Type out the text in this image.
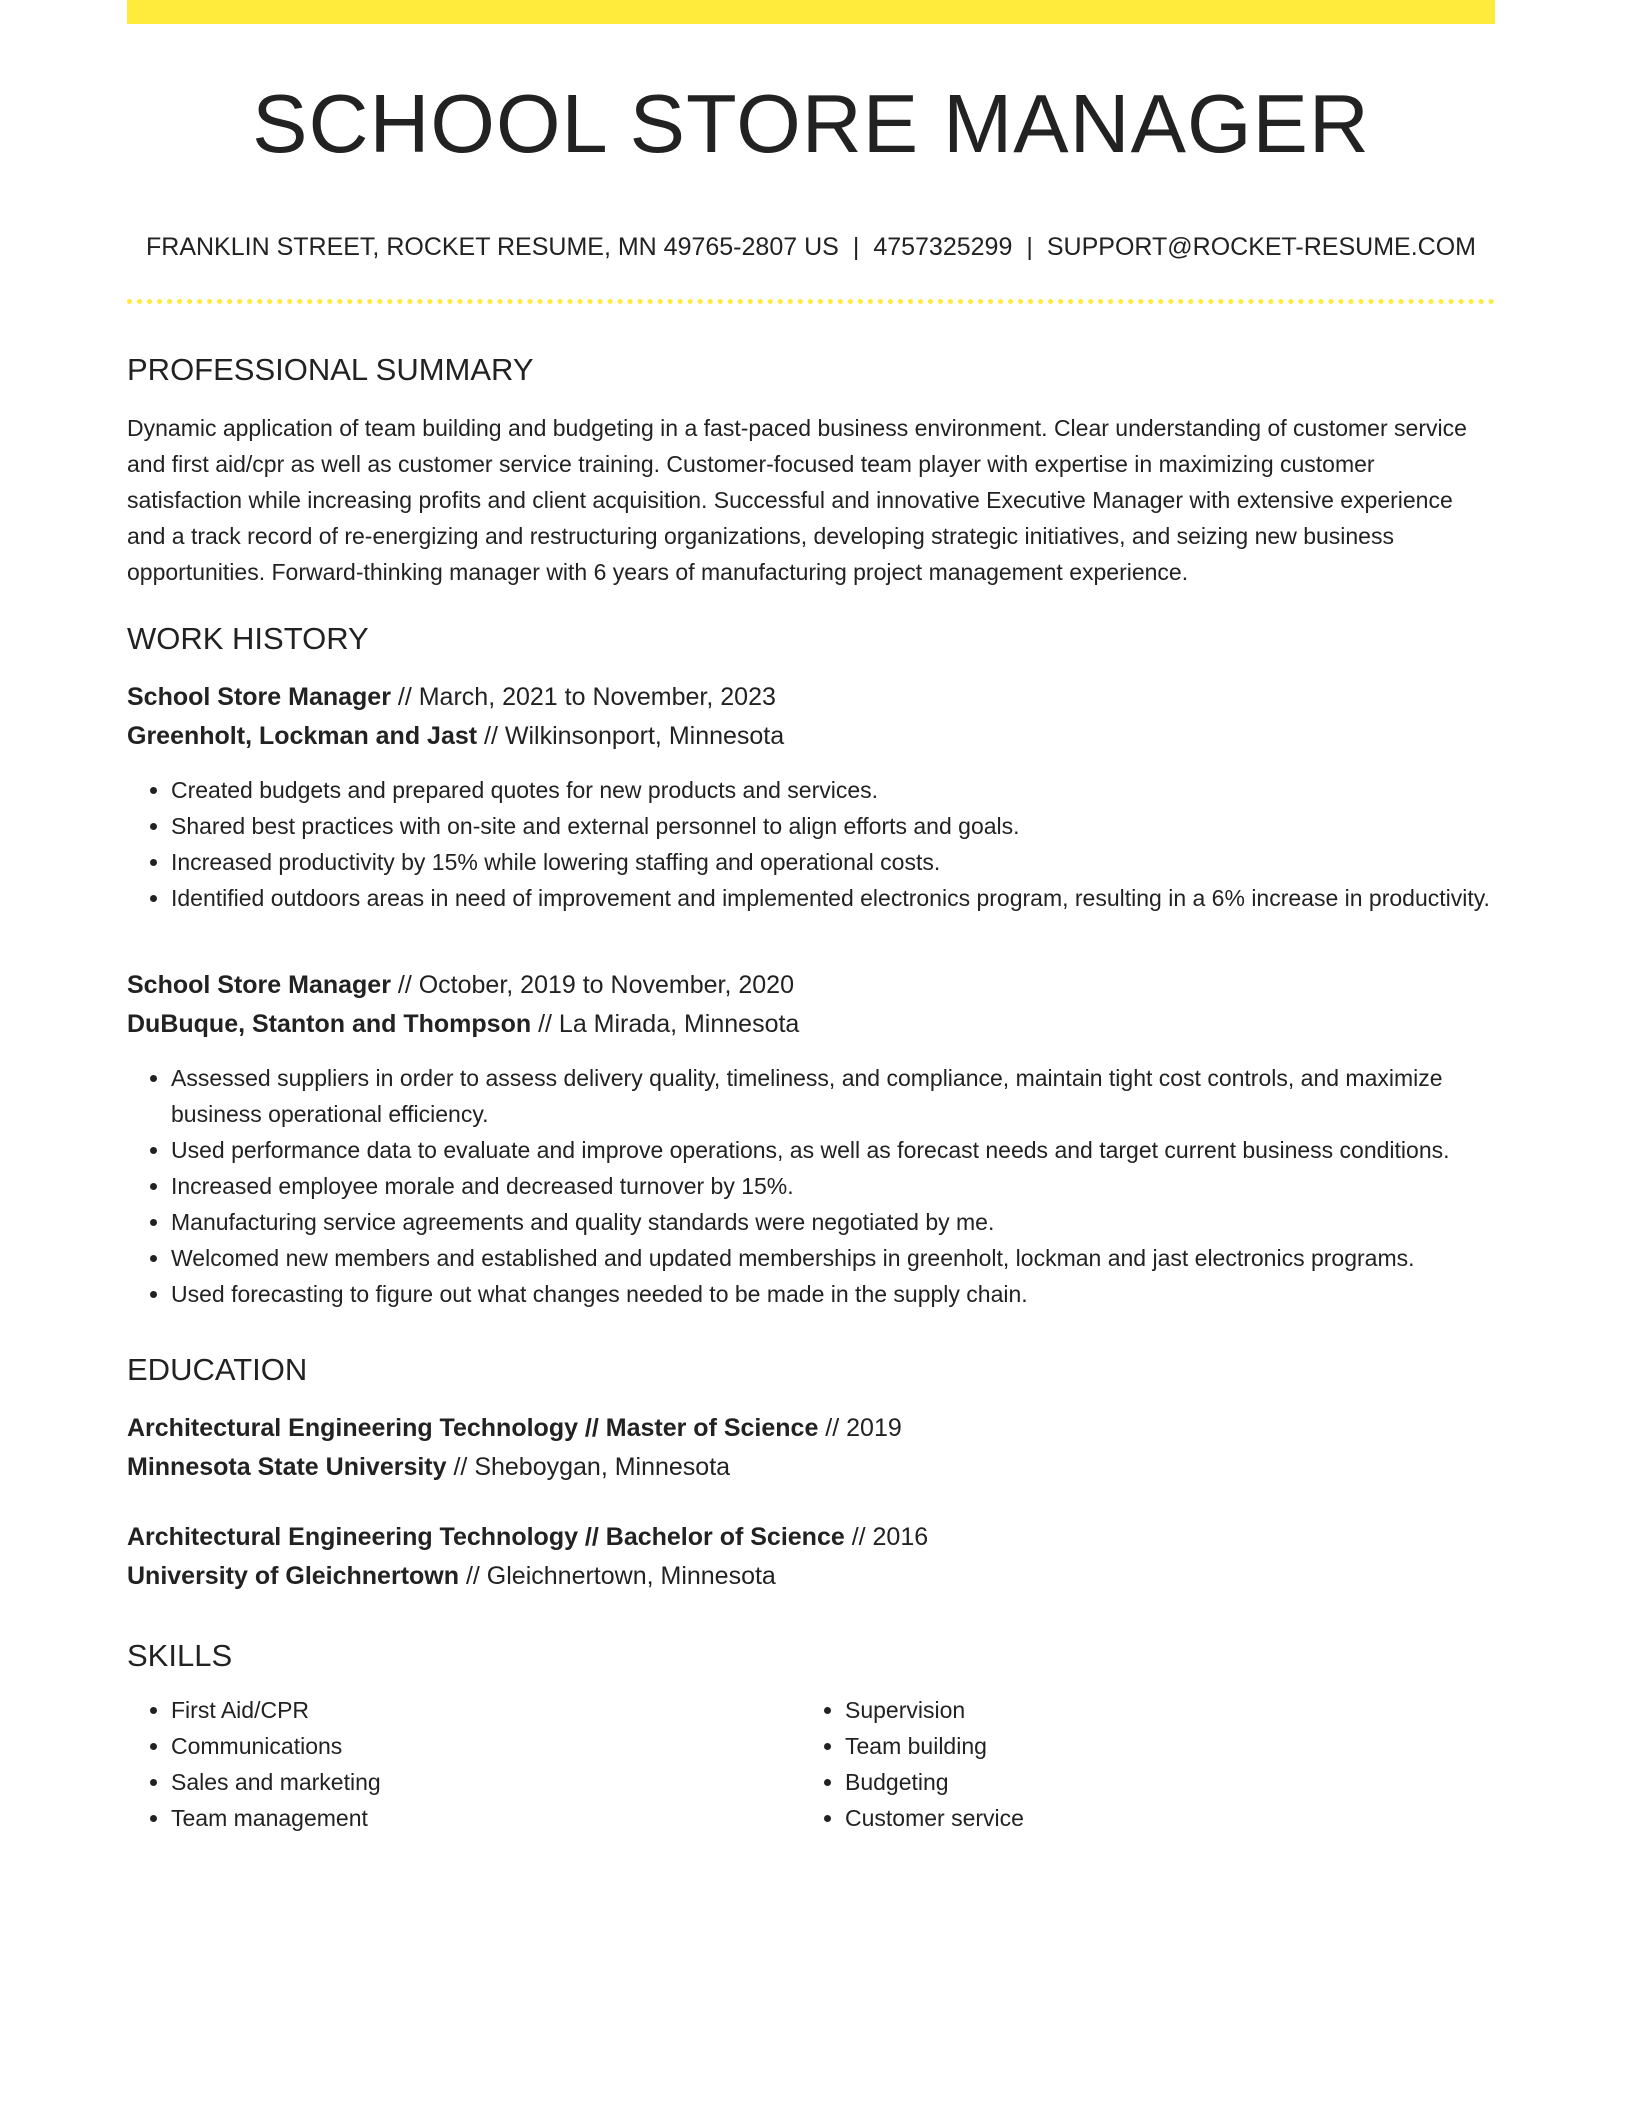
SCHOOL STORE MANAGER
FRANKLIN STREET, ROCKET RESUME, MN 49765-2807 US | 4757325299 | SUPPORT@ROCKET-RESUME.COM
PROFESSIONAL SUMMARY

Dynamic application of team building and budgeting in a fast-paced business environment. Clear understanding of customer service and first aid/cpr as well as customer service training. Customer-focused team player with expertise in maximizing customer satisfaction while increasing profits and client acquisition. Successful and innovative Executive Manager with extensive experience and a track record of re-energizing and restructuring organizations, developing strategic initiatives, and seizing new business opportunities. Forward-thinking manager with 6 years of manufacturing project management experience.

WORK HISTORY
School Store Manager // March, 2021 to November, 2023
Greenholt, Lockman and Jast // Wilkinsonport, Minnesota
• Created budgets and prepared quotes for new products and services.
• Shared best practices with on-site and external personnel to align efforts and goals.
• Increased productivity by 15% while lowering staffing and operational costs.
• Identified outdoors areas in need of improvement and implemented electronics program, resulting in a 6% increase in productivity.
School Store Manager // October, 2019 to November, 2020
DuBuque, Stanton and Thompson // La Mirada, Minnesota
• Assessed suppliers in order to assess delivery quality, timeliness, and compliance, maintain tight cost controls, and maximize business operational efficiency.
• Used performance data to evaluate and improve operations, as well as forecast needs and target current business conditions.
• Increased employee morale and decreased turnover by 15%.
• Manufacturing service agreements and quality standards were negotiated by me.
• Welcomed new members and established and updated memberships in greenholt, lockman and jast electronics programs.
• Used forecasting to figure out what changes needed to be made in the supply chain.
EDUCATION
Architectural Engineering Technology // Master of Science // 2019
Minnesota State University // Sheboygan, Minnesota
Architectural Engineering Technology // Bachelor of Science // 2016
University of Gleichnertown // Gleichnertown, Minnesota
SKILLS
• First Aid/CPR
• Communications
• Sales and marketing
• Team management
• Supervision
• Team building
• Budgeting
• Customer service
